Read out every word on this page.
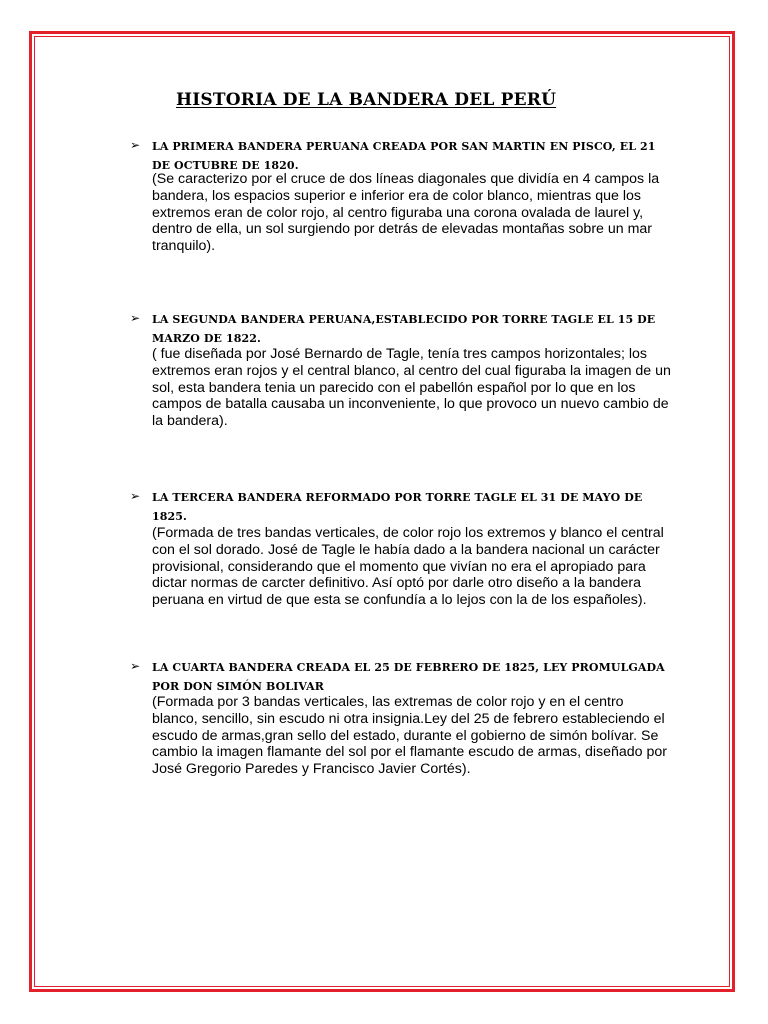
HISTORIA DE LA BANDERA DEL PERÚ
➢ LA PRIMERA BANDERA PERUANA CREADA POR SAN MARTIN EN PISCO, EL 21 DE OCTUBRE DE 1820.
(Se caracterizo por el cruce de dos líneas diagonales que dividía en 4 campos la bandera, los espacios superior e inferior era de color blanco, mientras que los extremos eran de color rojo, al centro figuraba una corona ovalada de laurel y, dentro de ella, un sol surgiendo por detrás de elevadas montañas sobre un mar tranquilo).
➢ LA SEGUNDA BANDERA PERUANA,ESTABLECIDO POR TORRE TAGLE EL 15 DE MARZO DE 1822.
( fue diseñada por José Bernardo de Tagle, tenía tres campos horizontales; los extremos eran rojos y el central blanco, al centro del cual figuraba la imagen de un sol, esta bandera tenia un parecido con el pabellón español por lo que en los campos de batalla causaba un inconveniente, lo que provoco un nuevo cambio de la bandera).
➢ LA TERCERA BANDERA REFORMADO POR TORRE TAGLE EL 31 DE MAYO DE 1825.
(Formada de tres bandas verticales, de color rojo los extremos y blanco el central con el sol dorado. José de Tagle le había dado a la bandera nacional un carácter provisional, considerando que el momento que vivían no era el apropiado para dictar normas de carcter definitivo. Así optó por darle otro diseño a la bandera peruana en virtud de que esta se confundía a lo lejos con la de los españoles).
➢ LA CUARTA BANDERA CREADA EL 25 DE FEBRERO DE 1825, LEY PROMULGADA POR DON SIMÓN BOLIVAR
(Formada por 3 bandas verticales, las extremas de color rojo y en el centro blanco, sencillo, sin escudo ni otra insignia.Ley del 25 de febrero estableciendo el escudo de armas,gran sello del estado, durante el gobierno de simón bolívar. Se cambio la imagen flamante del sol por el flamante escudo de armas, diseñado por José Gregorio Paredes y Francisco Javier Cortés).
